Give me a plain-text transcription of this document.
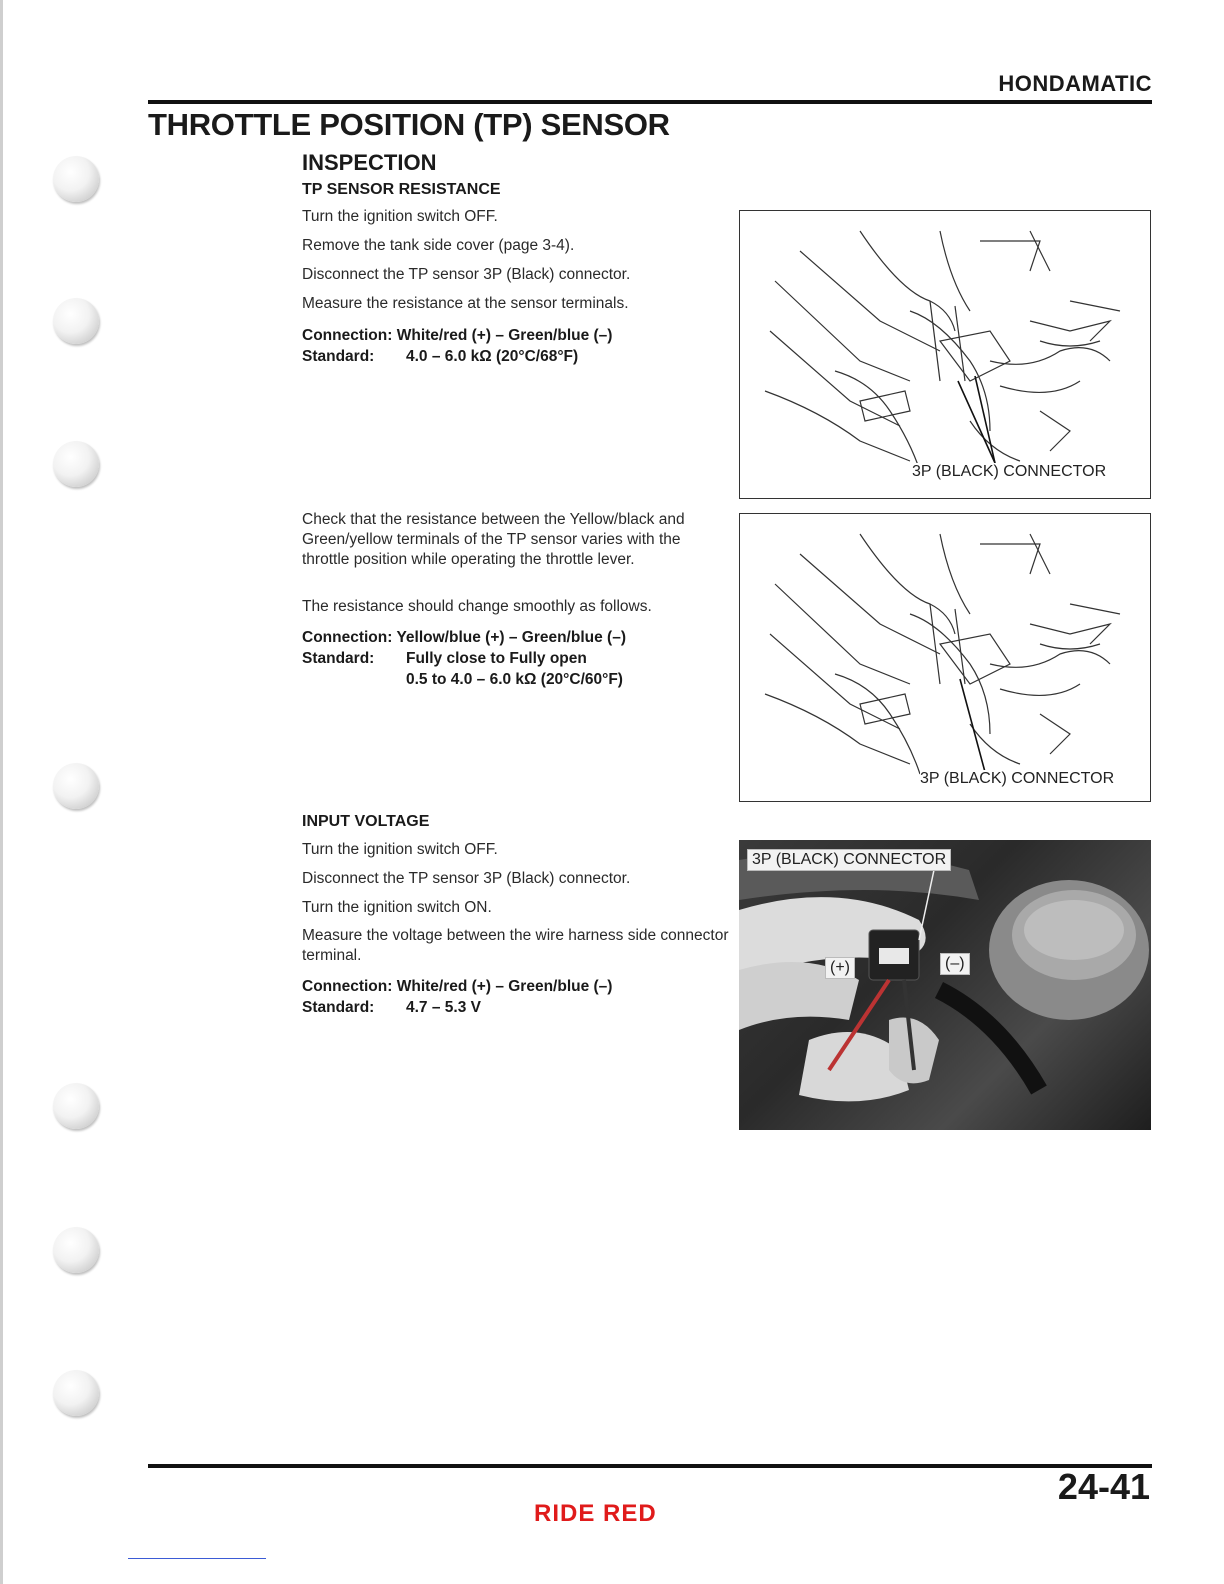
HONDAMATIC
THROTTLE POSITION (TP) SENSOR
INSPECTION
TP SENSOR RESISTANCE
Turn the ignition switch OFF.
Remove the tank side cover (page 3-4).
Disconnect the TP sensor 3P (Black) connector.
Measure the resistance at the sensor terminals.
Connection: White/red (+) – Green/blue (–)
Standard: 4.0 – 6.0 kΩ (20°C/68°F)
Check that the resistance between the Yellow/black and Green/yellow terminals of the TP sensor varies with the throttle position while operating the throttle lever.
The resistance should change smoothly as follows.
Connection: Yellow/blue (+) – Green/blue (–)
Standard: Fully close to Fully open
0.5 to 4.0 – 6.0 kΩ (20°C/60°F)
INPUT VOLTAGE
Turn the ignition switch OFF.
Disconnect the TP sensor 3P (Black) connector.
Turn the ignition switch ON.
Measure the voltage between the wire harness side connector terminal.
Connection: White/red (+) – Green/blue (–)
Standard: 4.7 – 5.3 V
3P (BLACK) CONNECTOR
3P (BLACK) CONNECTOR
3P (BLACK) CONNECTOR
(+)	(–)
24-41
RIDE RED
